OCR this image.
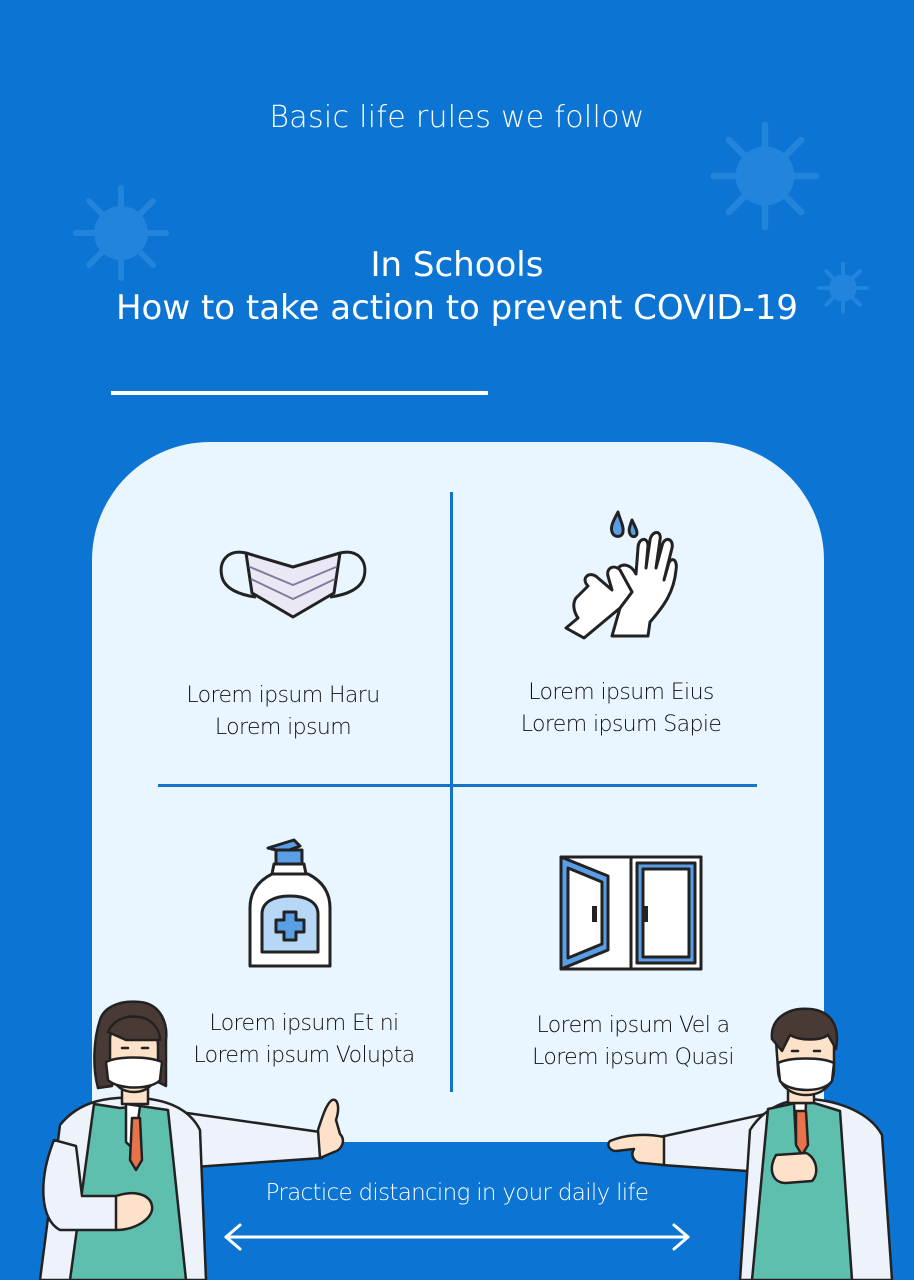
Basic life rules we follow
In Schools
How to take action to prevent COVID-19
Lorem ipsum Haru
Lorem ipsum
Lorem ipsum Eius
Lorem ipsum Sapie
Lorem ipsum Et ni
Lorem ipsum Volupta
Lorem ipsum Vel a
Lorem ipsum Quasi
Practice distancing in your daily life
